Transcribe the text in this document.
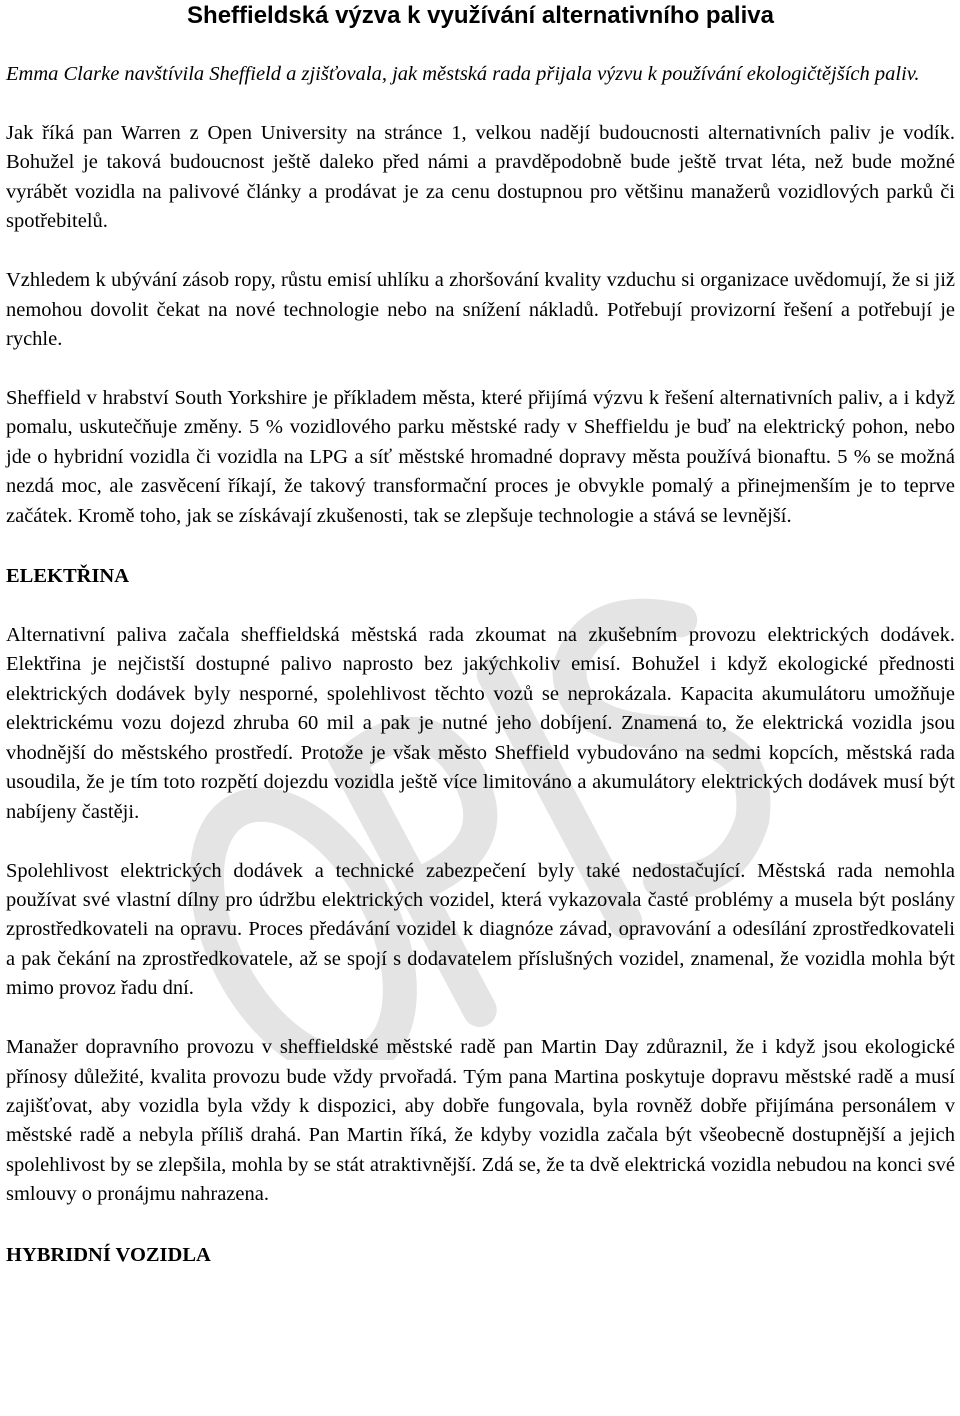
Sheffieldská výzva k využívání alternativního paliva

Emma Clarke navštívila Sheffield a zjišťovala, jak městská rada přijala výzvu k používání ekologičtějších paliv.

Jak říká pan Warren z Open University na stránce 1, velkou nadějí budoucnosti alternativních paliv je vodík. Bohužel je taková budoucnost ještě daleko před námi a pravděpodobně bude ještě trvat léta, než bude možné vyrábět vozidla na palivové články a prodávat je za cenu dostupnou pro většinu manažerů vozidlových parků či spotřebitelů.

Vzhledem k ubývání zásob ropy, růstu emisí uhlíku a zhoršování kvality vzduchu si organizace uvědomují, že si již nemohou dovolit čekat na nové technologie nebo na snížení nákladů. Potřebují provizorní řešení a potřebují je rychle.

Sheffield v hrabství South Yorkshire je příkladem města, které přijímá výzvu k řešení alternativních paliv, a i když pomalu, uskutečňuje změny. 5 % vozidlového parku městské rady v Sheffieldu je buď na elektrický pohon, nebo jde o hybridní vozidla či vozidla na LPG a síť městské hromadné dopravy města používá bionaftu. 5 % se možná nezdá moc, ale zasvěcení říkají, že takový transformační proces je obvykle pomalý a přinejmenším je to teprve začátek. Kromě toho, jak se získávají zkušenosti, tak se zlepšuje technologie a stává se levnější.

ELEKTŘINA

Alternativní paliva začala sheffieldská městská rada zkoumat na zkušebním provozu elektrických dodávek. Elektřina je nejčistší dostupné palivo naprosto bez jakýchkoliv emisí. Bohužel i když ekologické přednosti elektrických dodávek byly nesporné, spolehlivost těchto vozů se neprokázala. Kapacita akumulátoru umožňuje elektrickému vozu dojezd zhruba 60 mil a pak je nutné jeho dobíjení. Znamená to, že elektrická vozidla jsou vhodnější do městského prostředí. Protože je však město Sheffield vybudováno na sedmi kopcích, městská rada usoudila, že je tím toto rozpětí dojezdu vozidla ještě více limitováno a akumulátory elektrických dodávek musí být nabíjeny častěji.

Spolehlivost elektrických dodávek a technické zabezpečení byly také nedostačující. Městská rada nemohla používat své vlastní dílny pro údržbu elektrických vozidel, která vykazovala časté problémy a musela být poslány zprostředkovateli na opravu. Proces předávání vozidel k diagnóze závad, opravování a odesílání zprostředkovateli a pak čekání na zprostředkovatele, až se spojí s dodavatelem příslušných vozidel, znamenal, že vozidla mohla být mimo provoz řadu dní.

Manažer dopravního provozu v sheffieldské městské radě pan Martin Day zdůraznil, že i když jsou ekologické přínosy důležité, kvalita provozu bude vždy prvořadá. Tým pana Martina poskytuje dopravu městské radě a musí zajišťovat, aby vozidla byla vždy k dispozici, aby dobře fungovala, byla rovněž dobře přijímána personálem v městské radě a nebyla příliš drahá. Pan Martin říká, že kdyby vozidla začala být všeobecně dostupnější a jejich spolehlivost by se zlepšila, mohla by se stát atraktivnější. Zdá se, že ta dvě elektrická vozidla nebudou na konci své smlouvy o pronájmu nahrazena.

HYBRIDNÍ VOZIDLA
